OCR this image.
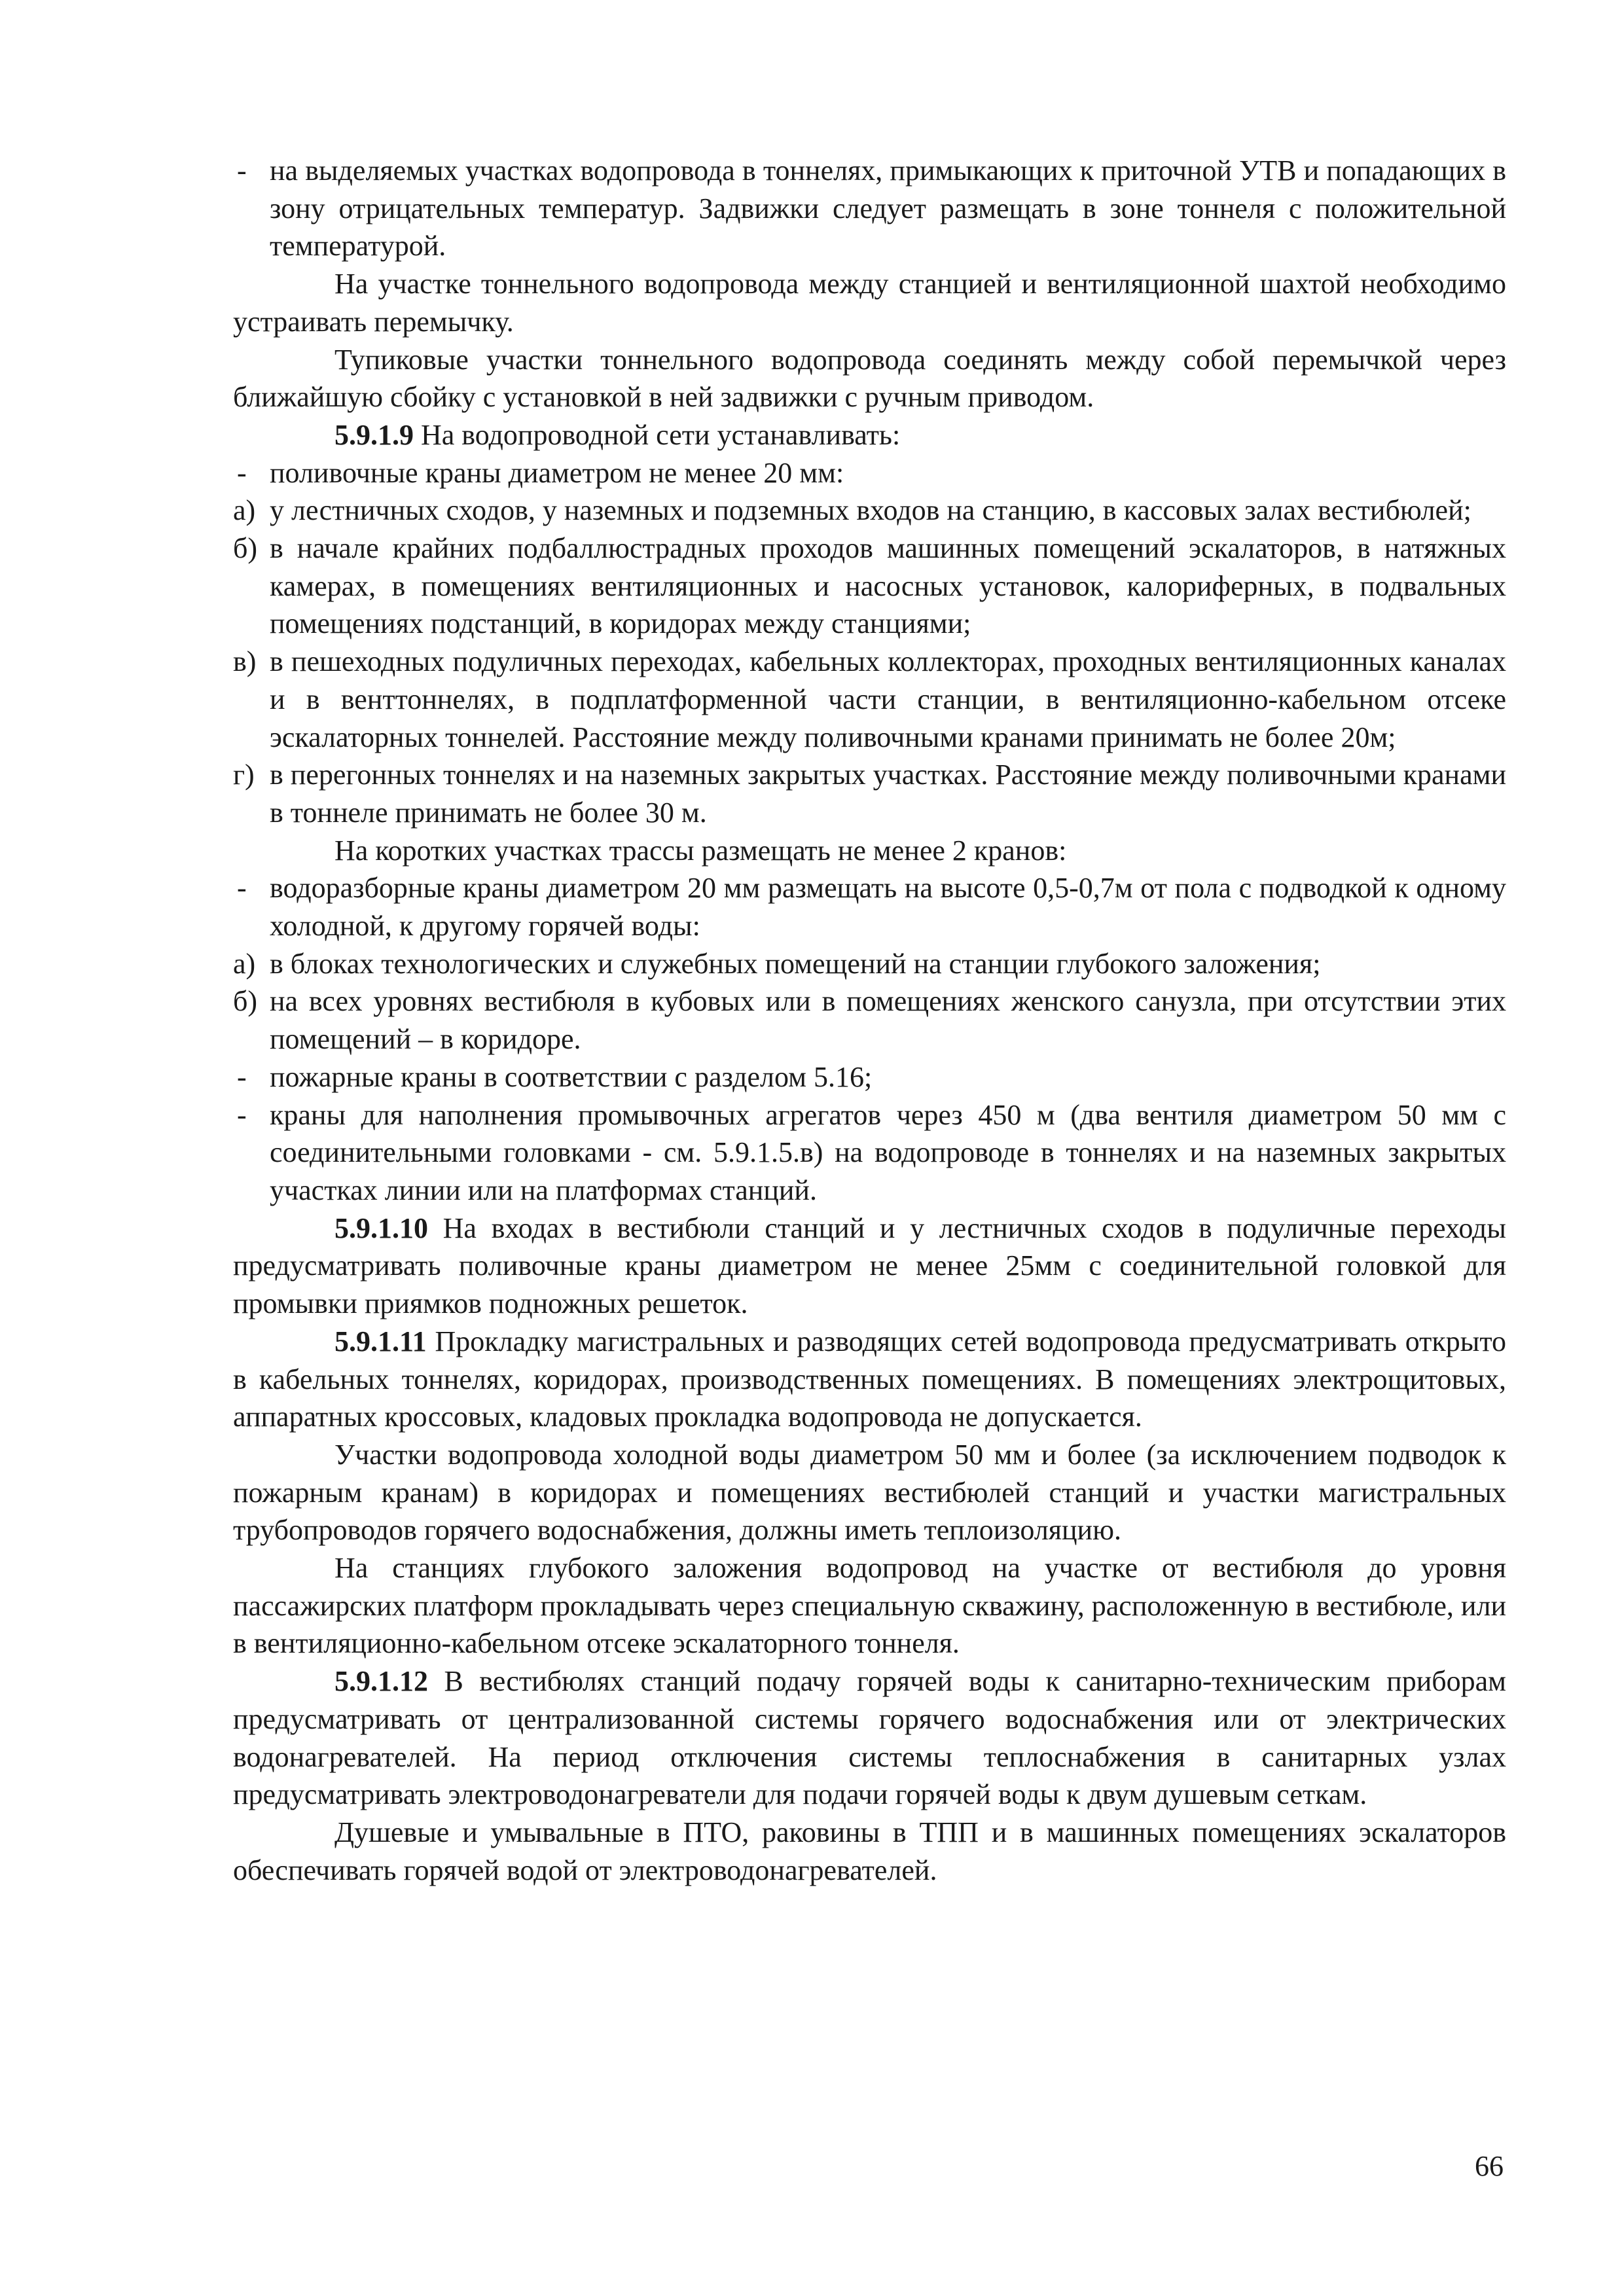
- на выделяемых участках водопровода в тоннелях, примыкающих к приточной УТВ и попадающих в зону отрицательных температур. Задвижки следует размещать в зоне тоннеля с положительной температурой.
На участке тоннельного водопровода между станцией и вентиляционной шахтой необходимо устраивать перемычку.
Тупиковые участки тоннельного водопровода соединять между собой перемычкой через ближайшую сбойку с установкой в ней задвижки с ручным приводом.
5.9.1.9 На водопроводной сети устанавливать:
- поливочные краны диаметром не менее 20 мм:
а) у лестничных сходов, у наземных и подземных входов на станцию, в кассовых залах вестибюлей;
б) в начале крайних подбаллюстрадных проходов машинных помещений эскалаторов, в натяжных камерах, в помещениях вентиляционных и насосных установок, калориферных, в подвальных помещениях подстанций, в коридорах между станциями;
в) в пешеходных подуличных переходах, кабельных коллекторах, проходных вентиляционных каналах и в венттоннелях, в подплатформенной части станции, в вентиляционно-кабельном отсеке эскалаторных тоннелей. Расстояние между поливочными кранами принимать не более 20м;
г) в перегонных тоннелях и на наземных закрытых участках. Расстояние между поливочными кранами в тоннеле принимать не более 30 м.
На коротких участках трассы размещать не менее 2 кранов:
- водоразборные краны диаметром 20 мм размещать на высоте 0,5-0,7м от пола с подводкой к одному холодной, к другому горячей воды:
а) в блоках технологических и служебных помещений на станции глубокого заложения;
б) на всех уровнях вестибюля в кубовых или в помещениях женского санузла, при отсутствии этих помещений – в коридоре.
- пожарные краны в соответствии с разделом 5.16;
- краны для наполнения промывочных агрегатов через 450 м (два вентиля диаметром 50 мм с соединительными головками - см. 5.9.1.5.в) на водопроводе в тоннелях и на наземных закрытых участках линии или на платформах станций.
5.9.1.10 На входах в вестибюли станций и у лестничных сходов в подуличные переходы предусматривать поливочные краны диаметром не менее 25мм с соединительной головкой для промывки приямков подножных решеток.
5.9.1.11 Прокладку магистральных и разводящих сетей водопровода предусматривать открыто в кабельных тоннелях, коридорах, производственных помещениях. В помещениях электрощитовых, аппаратных кроссовых, кладовых прокладка водопровода не допускается.
Участки водопровода холодной воды диаметром 50 мм и более (за исключением подводок к пожарным кранам) в коридорах и помещениях вестибюлей станций и участки магистральных трубопроводов горячего водоснабжения, должны иметь теплоизоляцию.
На станциях глубокого заложения водопровод на участке от вестибюля до уровня пассажирских платформ прокладывать через специальную скважину, расположенную в вестибюле, или в вентиляционно-кабельном отсеке эскалаторного тоннеля.
5.9.1.12 В вестибюлях станций подачу горячей воды к санитарно-техническим приборам предусматривать от централизованной системы горячего водоснабжения или от электрических водонагревателей. На период отключения системы теплоснабжения в санитарных узлах предусматривать электроводонагреватели для подачи горячей воды к двум душевым сеткам.
Душевые и умывальные в ПТО, раковины в ТПП и в машинных помещениях эскалаторов обеспечивать горячей водой от электроводонагревателей.
66
